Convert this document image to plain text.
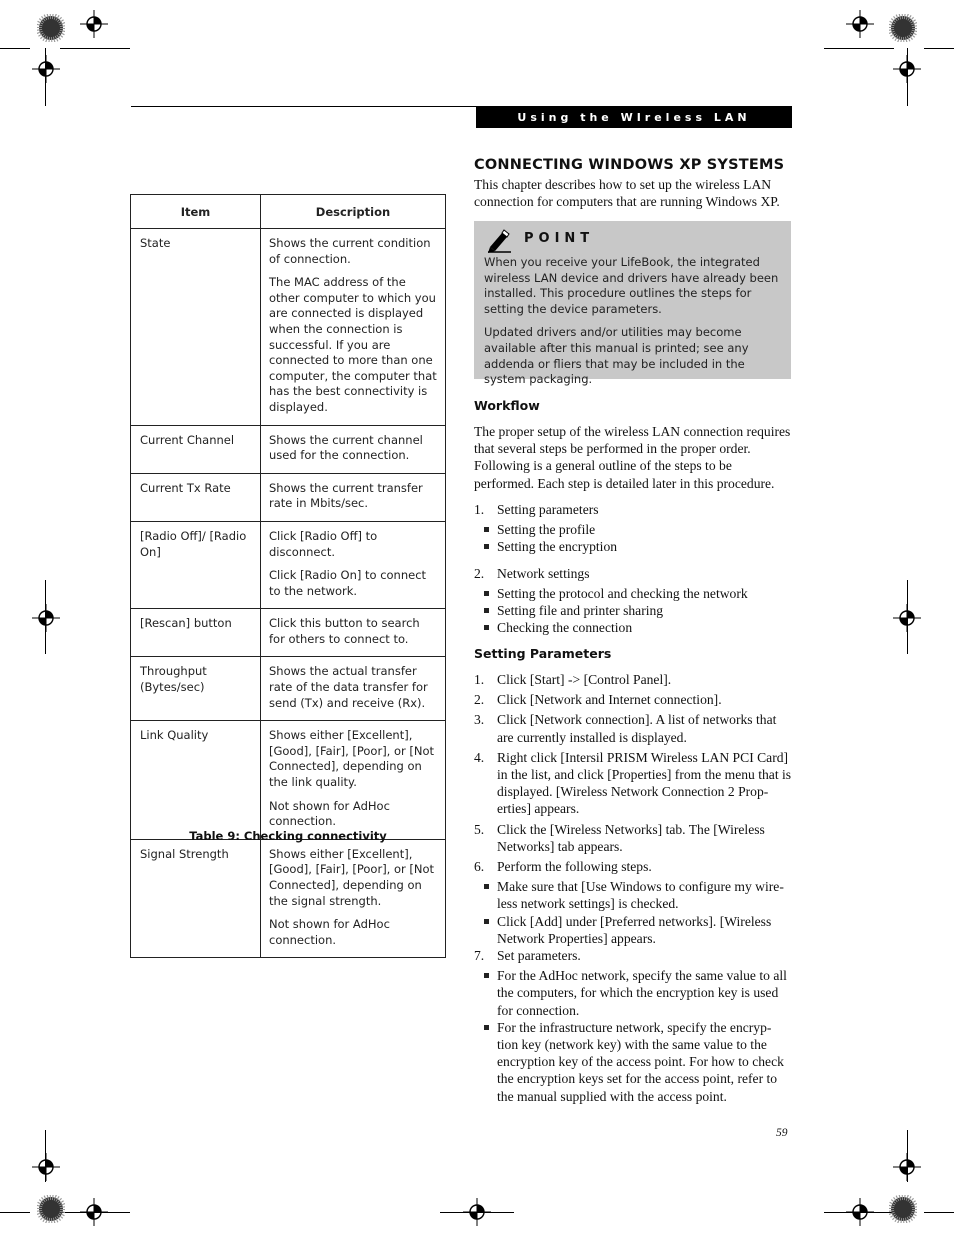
Using the WIreless LAN
Item	Description
State	Shows the current condition of connection.

The MAC address of the other computer to which you are connected is displayed when the connection is successful. If you are connected to more than one computer, the computer that has the best connectivity is displayed.

Current Channel	Shows the current channel used for the connection.

Current Tx Rate	Shows the current transfer rate in Mbits/sec.

[Radio Off]/ [Radio On]	Click [Radio Off] to disconnect.

Click [Radio On] to connect to the network.

[Rescan] button	Click this button to search for others to connect to.

Throughput (Bytes/sec)	Shows the actual transfer rate of the data transfer for send (Tx) and receive (Rx).

Link Quality	Shows either [Excellent], [Good], [Fair], [Poor], or [Not Connected], depending on the link quality.

Not shown for AdHoc connection.

Signal Strength	Shows either [Excellent], [Good], [Fair], [Poor], or [Not Connected], depending on the signal strength.

Not shown for AdHoc connection.

Table 9: Checking connectivity
CONNECTING WINDOWS XP SYSTEMS
This chapter describes how to set up the wireless LAN connection for computers that are running Windows XP.
POINT

When you receive your LifeBook, the integrated wireless LAN device and drivers have already been installed. This procedure outlines the steps for setting the device parameters.

Updated drivers and/or utilities may become available after this manual is printed; see any addenda or fliers that may be included in the system packaging.

Workflow
The proper setup of the wireless LAN connection requires that several steps be performed in the proper order. Following is a general outline of the steps to be performed. Each step is detailed later in this procedure.
1. Setting parameters
Setting the profile
Setting the encryption
2. Network settings
Setting the protocol and checking the network
Setting file and printer sharing
Checking the connection
Setting Parameters
1. Click [Start] -> [Control Panel].
2. Click [Network and Internet connection].
3. Click [Network connection]. A list of networks that are currently installed is displayed.
4. Right click [Intersil PRISM Wireless LAN PCI Card] in the list, and click [Properties] from the menu that is displayed. [Wireless Network Connection 2 Prop-erties] appears.
5. Click the [Wireless Networks] tab. The [Wireless Networks] tab appears.
6. Perform the following steps.
Make sure that [Use Windows to configure my wire-less network settings] is checked.
Click [Add] under [Preferred networks]. [Wireless Network Properties] appears.
7. Set parameters.
For the AdHoc network, specify the same value to all the computers, for which the encryption key is used for connection.
For the infrastructure network, specify the encryp-tion key (network key) with the same value to the encryption key of the access point. For how to check the encryption keys set for the access point, refer to the manual supplied with the access point.
59
